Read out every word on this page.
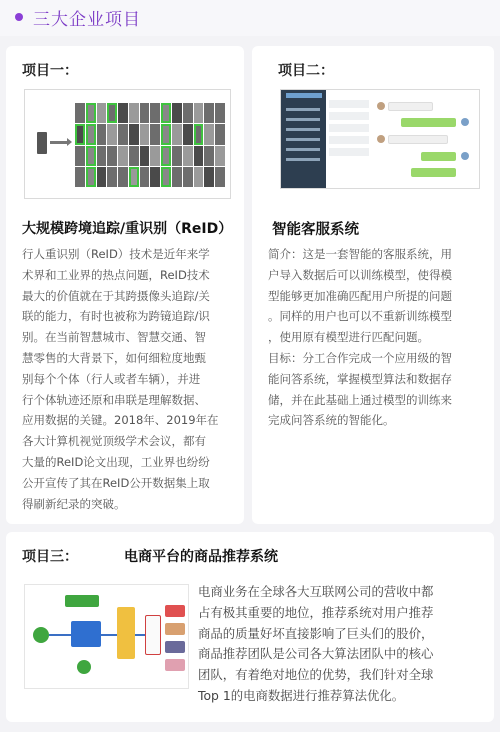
三大企业项目
项目一：
大规模跨境追踪/重识别（ReID）

行人重识别（ReID）技术是近年来学

术界和工业界的热点问题，ReID技术

最大的价值就在于其跨摄像头追踪/关

联的能力，有时也被称为跨镜追踪/识

别。在当前智慧城市、智慧交通、智

慧零售的大背景下，如何细粒度地甄

别每个个体（行人或者车辆），并进

行个体轨迹还原和串联是理解数据、

应用数据的关键。2018年、2019年在

各大计算机视觉顶级学术会议，都有

大量的ReID论文出现，工业界也纷纷

公开宣传了其在ReID公开数据集上取

得刷新纪录的突破。

项目二：
智能客服系统

简介：这是一套智能的客服系统，用

户导入数据后可以训练模型，使得模

型能够更加准确匹配用户所提的问题

。同样的用户也可以不重新训练模型

，使用原有模型进行匹配问题。

目标：分工合作完成一个应用级的智

能问答系统，掌握模型算法和数据存

储，并在此基础上通过模型的训练来

完成问答系统的智能化。

项目三：	电商平台的商品推荐系统

电商业务在全球各大互联网公司的营收中都

占有极其重要的地位，推荐系统对用户推荐

商品的质量好坏直接影响了巨头们的股价，

商品推荐团队是公司各大算法团队中的核心

团队，有着绝对地位的优势，我们针对全球

Top 1的电商数据进行推荐算法优化。
